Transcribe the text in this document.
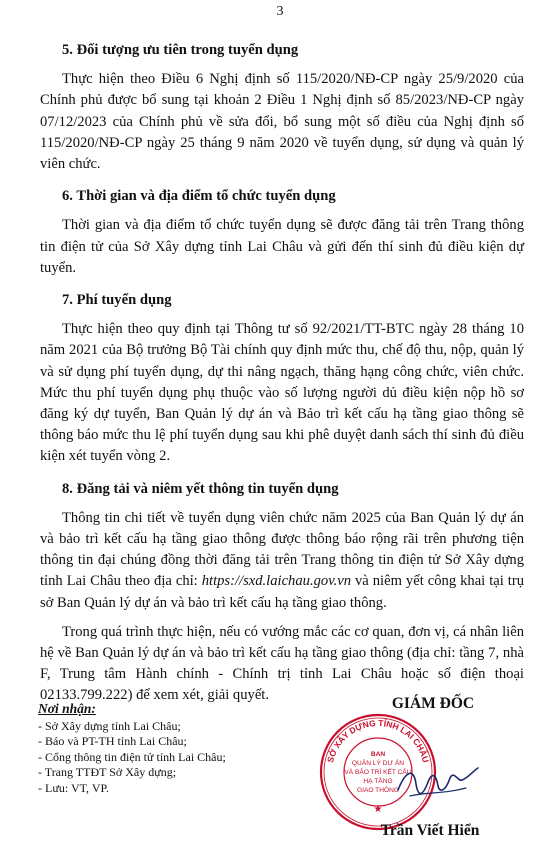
3

5. Đối tượng ưu tiên trong tuyển dụng

Thực hiện theo Điều 6 Nghị định số 115/2020/NĐ-CP ngày 25/9/2020 của Chính phủ được bổ sung tại khoản 2 Điều 1 Nghị định số 85/2023/NĐ-CP ngày 07/12/2023 của Chính phủ về sửa đổi, bổ sung một số điều của Nghị định số 115/2020/NĐ-CP ngày 25 tháng 9 năm 2020 về tuyển dụng, sử dụng và quản lý viên chức.

6. Thời gian và địa điểm tổ chức tuyển dụng

Thời gian và địa điểm tổ chức tuyển dụng sẽ được đăng tải trên Trang thông tin điện tử của Sở Xây dựng tỉnh Lai Châu và gửi đến thí sinh đủ điều kiện dự tuyển.

7. Phí tuyển dụng

Thực hiện theo quy định tại Thông tư số 92/2021/TT-BTC ngày 28 tháng 10 năm 2021 của Bộ trưởng Bộ Tài chính quy định mức thu, chế độ thu, nộp, quản lý và sử dụng phí tuyển dụng, dự thi nâng ngạch, thăng hạng công chức, viên chức. Mức thu phí tuyển dụng phụ thuộc vào số lượng người dủ điều kiện nộp hồ sơ đăng ký dự tuyển, Ban Quản lý dự án và Bảo trì kết cấu hạ tầng giao thông sẽ thông báo mức thu lệ phí tuyển dụng sau khi phê duyệt danh sách thí sinh đủ điều kiện xét tuyển vòng 2.

8. Đăng tải và niêm yết thông tin tuyển dụng

Thông tin chi tiết về tuyển dụng viên chức năm 2025 của Ban Quản lý dự án và bảo trì kết cấu hạ tầng giao thông được thông báo rộng rãi trên phương tiện thông tin đại chúng đồng thời đăng tải trên Trang thông tin điện tử Sở Xây dựng tỉnh Lai Châu theo địa chỉ: https://sxd.laichau.gov.vn và niêm yết công khai tại trụ sở Ban Quản lý dự án và bảo trì kết cấu hạ tầng giao thông.

Trong quá trình thực hiện, nếu có vướng mắc các cơ quan, đơn vị, cá nhân liên hệ về Ban Quản lý dự án và bảo trì kết cấu hạ tầng giao thông (địa chỉ: tầng 7, nhà F, Trung tâm Hành chính - Chính trị tỉnh Lai Châu hoặc số điện thoại 02133.799.222) để xem xét, giải quyết.

Nơi nhận:

- Sở Xây dựng tỉnh Lai Châu;

- Báo và PT-TH tỉnh Lai Châu;

- Cổng thông tin điện tử tỉnh Lai Châu;

- Trang TTĐT Sở Xây dựng;

- Lưu: VT, VP.

GIÁM ĐỐC
SỞ XÂY DỰNG TỈNH LAI CHÂU
BAN
QUẢN LÝ DỰ ÁN
VÀ BẢO TRÌ KẾT CẤU
HẠ TẦNG
GIAO THÔNG
★
Trần Viết Hiển
